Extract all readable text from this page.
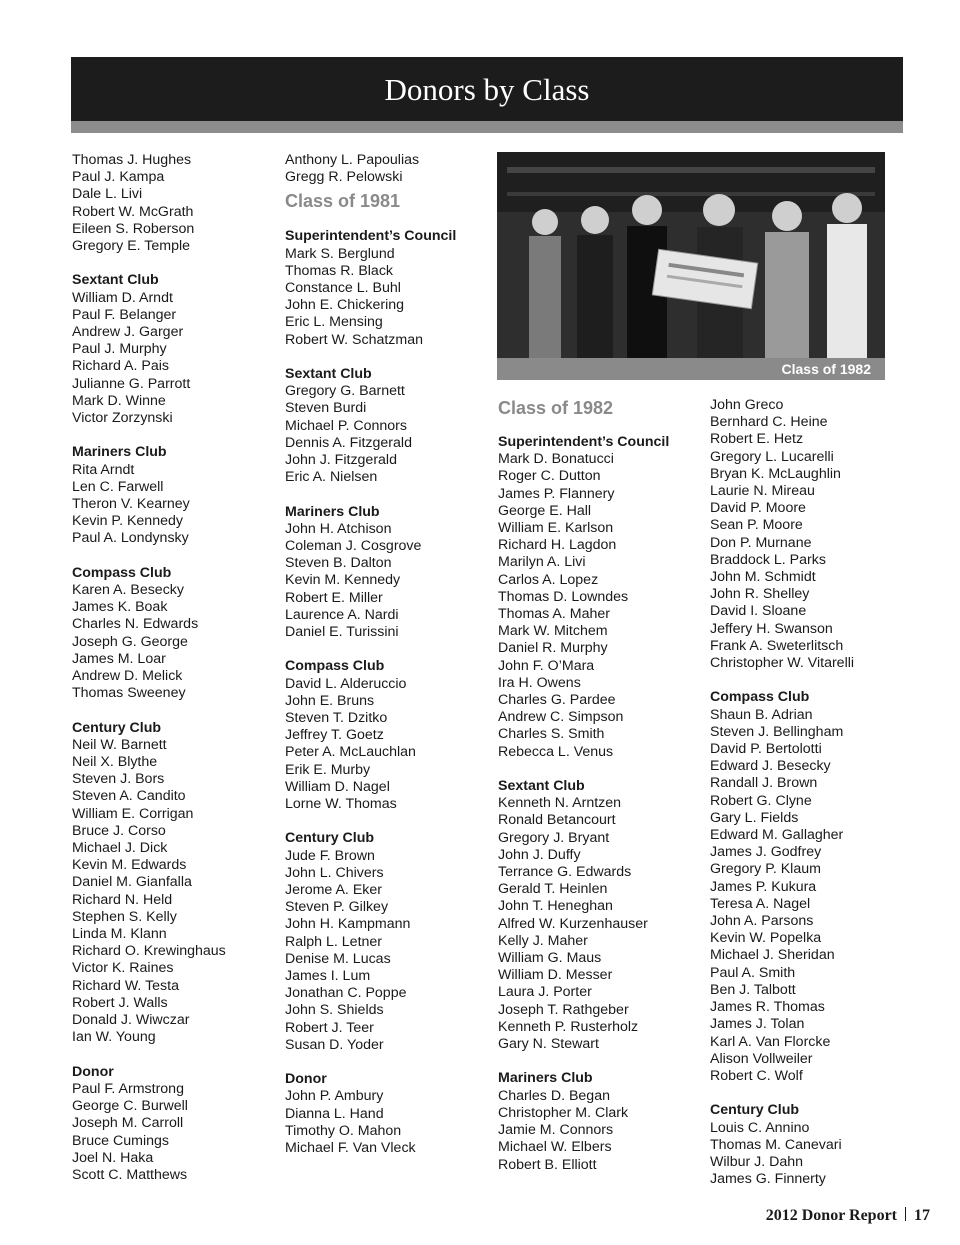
Donors by Class
Thomas J. Hughes
Paul J. Kampa
Dale L. Livi
Robert W. McGrath
Eileen S. Roberson
Gregory E. Temple
Sextant Club
William D. Arndt
Paul F. Belanger
Andrew J. Garger
Paul J. Murphy
Richard A. Pais
Julianne G. Parrott
Mark D. Winne
Victor Zorzynski
Mariners Club
Rita Arndt
Len C. Farwell
Theron V. Kearney
Kevin P. Kennedy
Paul A. Londynsky
Compass Club
Karen A. Besecky
James K. Boak
Charles N. Edwards
Joseph G. George
James M. Loar
Andrew D. Melick
Thomas Sweeney
Century Club
Neil W. Barnett
Neil X. Blythe
Steven J. Bors
Steven A. Candito
William E. Corrigan
Bruce J. Corso
Michael J. Dick
Kevin M. Edwards
Daniel M. Gianfalla
Richard N. Held
Stephen S. Kelly
Linda M. Klann
Richard O. Krewinghaus
Victor K. Raines
Richard W. Testa
Robert J. Walls
Donald J. Wiwczar
Ian W. Young
Donor
Paul F. Armstrong
George C. Burwell
Joseph M. Carroll
Bruce Cumings
Joel N. Haka
Scott C. Matthews
Anthony L. Papoulias
Gregg R. Pelowski
Class of 1981
Superintendent’s Council
Mark S. Berglund
Thomas R. Black
Constance L. Buhl
John E. Chickering
Eric L. Mensing
Robert W. Schatzman
Sextant Club
Gregory G. Barnett
Steven Burdi
Michael P. Connors
Dennis A. Fitzgerald
John J. Fitzgerald
Eric A. Nielsen
Mariners Club
John H. Atchison
Coleman J. Cosgrove
Steven B. Dalton
Kevin M. Kennedy
Robert E. Miller
Laurence A. Nardi
Daniel E. Turissini
Compass Club
David L. Alderuccio
John E. Bruns
Steven T. Dzitko
Jeffrey T. Goetz
Peter A. McLauchlan
Erik E. Murby
William D. Nagel
Lorne W. Thomas
Century Club
Jude F. Brown
John L. Chivers
Jerome A. Eker
Steven P. Gilkey
John H. Kampmann
Ralph L. Letner
Denise M. Lucas
James I. Lum
Jonathan C. Poppe
John S. Shields
Robert J. Teer
Susan D. Yoder
Donor
John P. Ambury
Dianna L. Hand
Timothy O. Mahon
Michael F. Van Vleck
Class of 1982
Class of 1982
Superintendent’s Council
Mark D. Bonatucci
Roger C. Dutton
James P. Flannery
George E. Hall
William E. Karlson
Richard H. Lagdon
Marilyn A. Livi
Carlos A. Lopez
Thomas D. Lowndes
Thomas A. Maher
Mark W. Mitchem
Daniel R. Murphy
John F. O’Mara
Ira H. Owens
Charles G. Pardee
Andrew C. Simpson
Charles S. Smith
Rebecca L. Venus
Sextant Club
Kenneth N. Arntzen
Ronald Betancourt
Gregory J. Bryant
John J. Duffy
Terrance G. Edwards
Gerald T. Heinlen
John T. Heneghan
Alfred W. Kurzenhauser
Kelly J. Maher
William G. Maus
William D. Messer
Laura J. Porter
Joseph T. Rathgeber
Kenneth P. Rusterholz
Gary N. Stewart
Mariners Club
Charles D. Began
Christopher M. Clark
Jamie M. Connors
Michael W. Elbers
Robert B. Elliott
John Greco
Bernhard C. Heine
Robert E. Hetz
Gregory L. Lucarelli
Bryan K. McLaughlin
Laurie N. Mireau
David P. Moore
Sean P. Moore
Don P. Murnane
Braddock L. Parks
John M. Schmidt
John R. Shelley
David I. Sloane
Jeffery H. Swanson
Frank A. Sweterlitsch
Christopher W. Vitarelli
Compass Club
Shaun B. Adrian
Steven J. Bellingham
David P. Bertolotti
Edward J. Besecky
Randall J. Brown
Robert G. Clyne
Gary L. Fields
Edward M. Gallagher
James J. Godfrey
Gregory P. Klaum
James P. Kukura
Teresa A. Nagel
John A. Parsons
Kevin W. Popelka
Michael J. Sheridan
Paul A. Smith
Ben J. Talbott
James R. Thomas
James J. Tolan
Karl A. Van Florcke
Alison Vollweiler
Robert C. Wolf
Century Club
Louis C. Annino
Thomas M. Canevari
Wilbur J. Dahn
James G. Finnerty
2012 Donor Report 17
